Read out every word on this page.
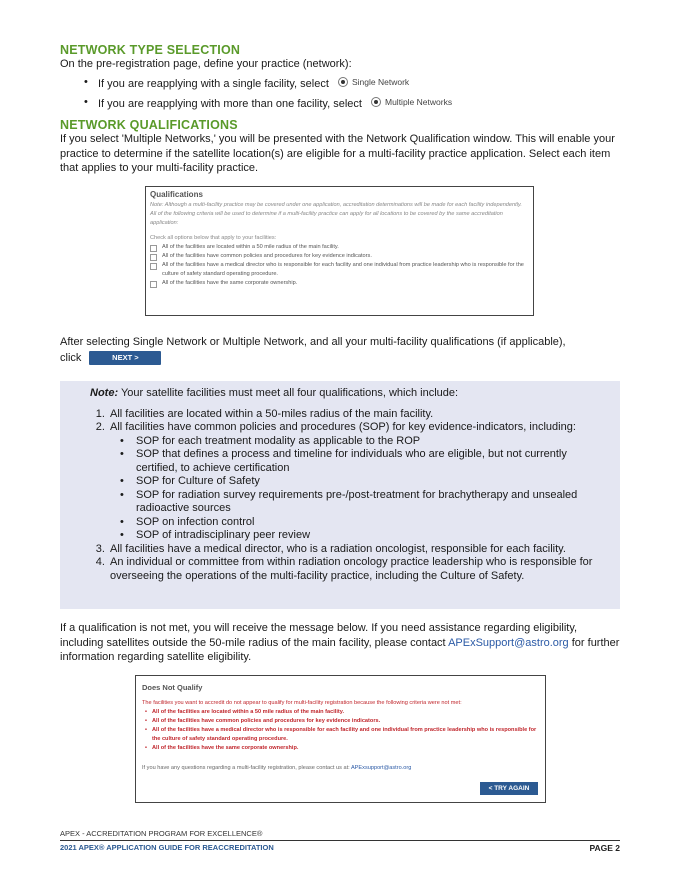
NETWORK TYPE SELECTION

On the pre-registration page, define your practice (network):

• If you are reapplying with a single facility, select	Single Network
• If you are reapplying with more than one facility, select	Multiple Networks

NETWORK QUALIFICATIONS

If you select 'Multiple Networks,' you will be presented with the Network Qualification window. This will enable your practice to determine if the satellite location(s) are eligible for a multi-facility practice application. Select each item that applies to your multi-facility practice.

Qualifications

Note: Although a multi-facility practice may be covered under one application, accreditation determinations will be made for each facility independently.

All of the following criteria will be used to determine if a multi-facility practice can apply for all locations to be covered by the same accreditation application:

Check all options below that apply to your facilities:

All of the facilities are located within a 50 mile radius of the main facility.
All of the facilities have common policies and procedures for key evidence indicators.
All of the facilities have a medical director who is responsible for each facility and one individual from practice leadership who is responsible for the culture of safety standard operating procedure.
All of the facilities have the same corporate ownership.

After selecting Single Network or Multiple Network, and all your multi-facility qualifications (if applicable),

click	NEXT >

Note: Your satellite facilities must meet all four qualifications, which include:

1. All facilities are located within a 50-miles radius of the main facility.
2. All facilities have common policies and procedures (SOP) for key evidence-indicators, including:
• SOP for each treatment modality as applicable to the ROP
• SOP that defines a process and timeline for individuals who are eligible, but not currently certified, to achieve certification
• SOP for Culture of Safety
• SOP for radiation survey requirements pre-/post-treatment for brachytherapy and unsealed radioactive sources
• SOP on infection control
• SOP of intradisciplinary peer review
3. All facilities have a medical director, who is a radiation oncologist, responsible for each facility.
4. An individual or committee from within radiation oncology practice leadership who is responsible for overseeing the operations of the multi-facility practice, including the Culture of Safety.

If a qualification is not met, you will receive the message below. If you need assistance regarding eligibility, including satellites outside the 50-mile radius of the main facility, please contact APExSupport@astro.org for further information regarding satellite eligibility.

Does Not Qualify

The facilities you want to accredit do not appear to qualify for multi-facility registration because the following criteria were not met:

• All of the facilities are located within a 50 mile radius of the main facility.
• All of the facilities have common policies and procedures for key evidence indicators.
• All of the facilities have a medical director who is responsible for each facility and one individual from practice leadership who is responsible for the culture of safety standard operating procedure.
• All of the facilities have the same corporate ownership.

If you have any questions regarding a multi-facility registration, please contact us at: APExsupport@astro.org

< TRY AGAIN
APEX - ACCREDITATION PROGRAM FOR EXCELLENCE®
2021 APEX® APPLICATION GUIDE FOR REACCREDITATION	PAGE 2
